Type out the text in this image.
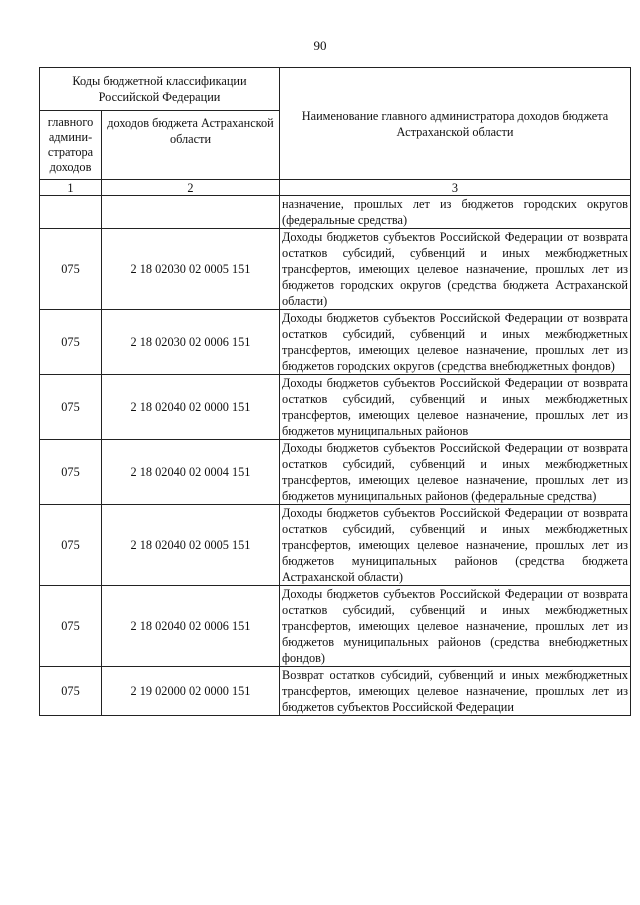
90
Коды бюджетной классификации Российской Федерации		Наименование главного администратора доходов бюджета Астраханской области
главного админи-стратора доходов	доходов бюджета Астраханской области	
1	2	3
		назначение, прошлых лет из бюджетов городских округов (федеральные средства)
075	2 18 02030 02 0005 151	Доходы бюджетов субъектов Российской Федерации от возврата остатков субсидий, субвенций и иных межбюджетных трансфертов, имеющих целевое назначение, прошлых лет из бюджетов городских округов (средства бюджета Астраханской области)
075	2 18 02030 02 0006 151	Доходы бюджетов субъектов Российской Федерации от возврата остатков субсидий, субвенций и иных межбюджетных трансфертов, имеющих целевое назначение, прошлых лет из бюджетов городских округов (средства внебюджетных фондов)
075	2 18 02040 02 0000 151	Доходы бюджетов субъектов Российской Федерации от возврата остатков субсидий, субвенций и иных межбюджетных трансфертов, имеющих целевое назначение, прошлых лет из бюджетов муниципальных районов
075	2 18 02040 02 0004 151	Доходы бюджетов субъектов Российской Федерации от возврата остатков субсидий, субвенций и иных межбюджетных трансфертов, имеющих целевое назначение, прошлых лет из бюджетов муниципальных районов (федеральные средства)
075	2 18 02040 02 0005 151	Доходы бюджетов субъектов Российской Федерации от возврата остатков субсидий, субвенций и иных межбюджетных трансфертов, имеющих целевое назначение, прошлых лет из бюджетов муниципальных районов (средства бюджета Астраханской области)
075	2 18 02040 02 0006 151	Доходы бюджетов субъектов Российской Федерации от возврата остатков субсидий, субвенций и иных межбюджетных трансфертов, имеющих целевое назначение, прошлых лет из бюджетов муниципальных районов (средства внебюджетных фондов)
075	2 19 02000 02 0000 151	Возврат остатков субсидий, субвенций и иных межбюджетных трансфертов, имеющих целевое назначение, прошлых лет из бюджетов субъектов Российской Федерации
